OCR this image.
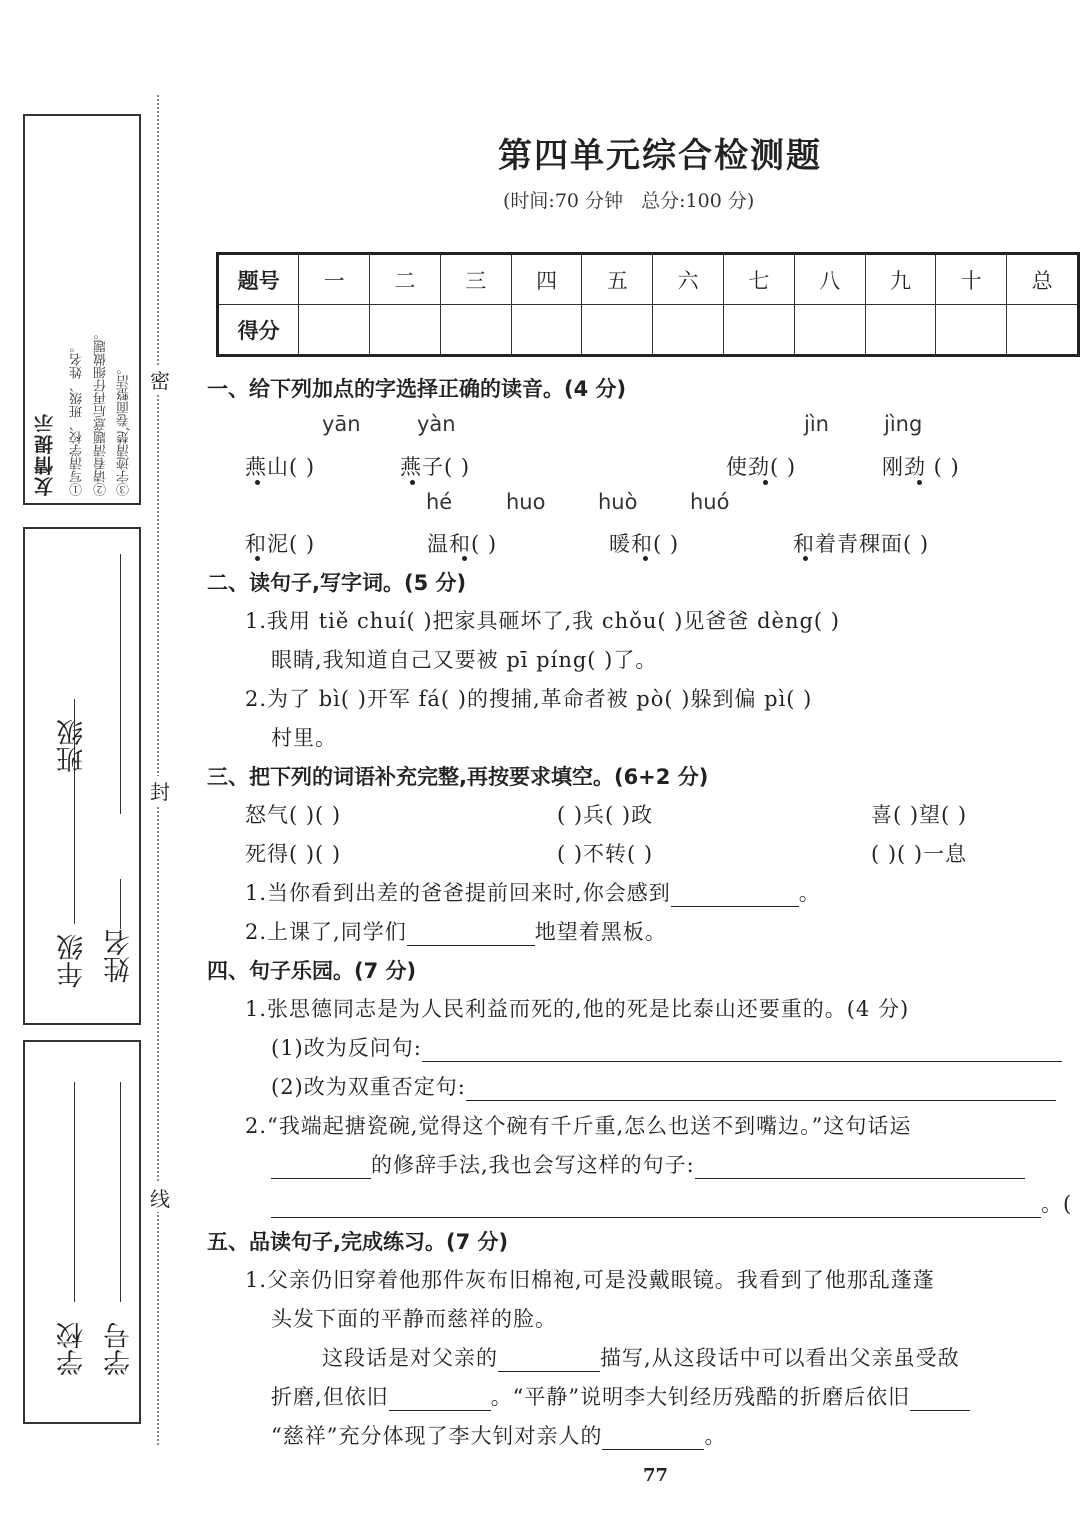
友情提示 ①写清学校、班级、姓名。 ②请看清题意后再仔细做题。 ③字迹清楚,卷面整洁。
年级
班级
姓名
学校 学号
密
封
线
第四单元综合检测题
(时间:70 分钟   总分:100 分)
题号	一	二	三	四	五	六	七	八	九	十	总
得分											
一、给下列加点的字选择正确的读音。(4 分)
yān	yàn	jìn	jìng
燕山( )	燕子( )	使劲( )	刚劲 ( )
hé	huo	huò	huó
和泥( )	温和( )	暖和( )	和着青稞面( )
二、读句子,写字词。(5 分)
1.我用 tiě chuí( )把家具砸坏了,我 chǒu( )见爸爸 dèng( )
眼睛,我知道自己又要被 pī píng( )了。
2.为了 bì( )开军 fá( )的搜捕,革命者被 pò( )躲到偏 pì( )
村里。
三、把下列的词语补充完整,再按要求填空。(6+2 分)
怒气( )( )	( )兵( )政	喜( )望( )
死得( )( )	( )不转( )	( )( )一息
1.当你看到出差的爸爸提前回来时,你会感到	。
2.上课了,同学们	地望着黑板。
四、句子乐园。(7 分)
1.张思德同志是为人民利益而死的,他的死是比泰山还要重的。(4 分)
(1)改为反问句:
(2)改为双重否定句:
2.“我端起搪瓷碗,觉得这个碗有千斤重,怎么也送不到嘴边。”这句话运
的修辞手法,我也会写这样的句子:
。(
五、品读句子,完成练习。(7 分)
1.父亲仍旧穿着他那件灰布旧棉袍,可是没戴眼镜。我看到了他那乱蓬蓬
头发下面的平静而慈祥的脸。
这段话是对父亲的	描写,从这段话中可以看出父亲虽受敌
折磨,但依旧	。“平静”说明李大钊经历残酷的折磨后依旧
“慈祥”充分体现了李大钊对亲人的	。
77
